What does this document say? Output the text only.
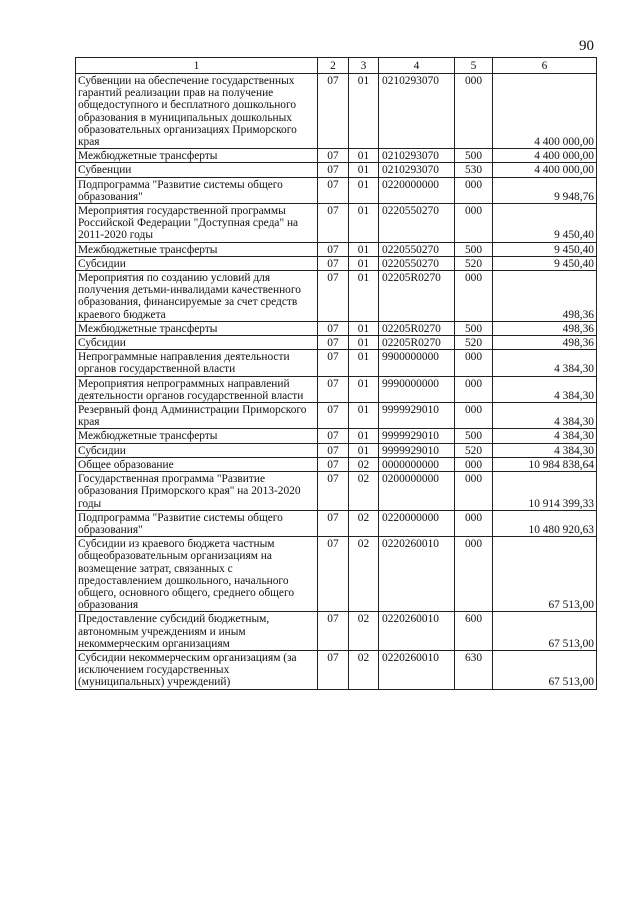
90
1	2	3	4	5	6
Субвенции на обеспечение государственных гарантий реализации прав на получение общедоступного и бесплатного дошкольного образования в муниципальных дошкольных образовательных организациях Приморского края	07	01	0210293070	000	4 400 000,00
Межбюджетные трансферты	07	01	0210293070	500	4 400 000,00
Субвенции	07	01	0210293070	530	4 400 000,00
Подпрограмма "Развитие системы общего образования"	07	01	0220000000	000	9 948,76
Мероприятия государственной программы Российской Федерации "Доступная среда" на 2011-2020 годы	07	01	0220550270	000	9 450,40
Межбюджетные трансферты	07	01	0220550270	500	9 450,40
Субсидии	07	01	0220550270	520	9 450,40
Мероприятия по созданию условий для получения детьми-инвалидами качественного образования, финансируемые за счет средств краевого бюджета	07	01	02205R0270	000	498,36
Межбюджетные трансферты	07	01	02205R0270	500	498,36
Субсидии	07	01	02205R0270	520	498,36
Непрограммные направления деятельности органов государственной власти	07	01	9900000000	000	4 384,30
Мероприятия непрограммных направлений деятельности органов государственной власти	07	01	9990000000	000	4 384,30
Резервный фонд Администрации Приморского края	07	01	9999929010	000	4 384,30
Межбюджетные трансферты	07	01	9999929010	500	4 384,30
Субсидии	07	01	9999929010	520	4 384,30
Общее образование	07	02	0000000000	000	10 984 838,64
Государственная программа "Развитие образования Приморского края" на 2013-2020 годы	07	02	0200000000	000	10 914 399,33
Подпрограмма "Развитие системы общего образования"	07	02	0220000000	000	10 480 920,63
Субсидии из краевого бюджета частным общеобразовательным организациям на возмещение затрат, связанных с предоставлением дошкольного, начального общего, основного общего, среднего общего образования	07	02	0220260010	000	67 513,00
Предоставление субсидий бюджетным, автономным учреждениям и иным некоммерческим организациям	07	02	0220260010	600	67 513,00
Субсидии некоммерческим организациям (за исключением государственных (муниципальных) учреждений)	07	02	0220260010	630	67 513,00
